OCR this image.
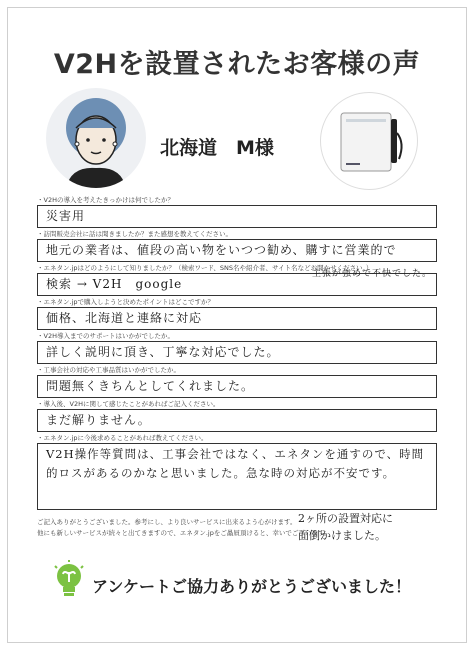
V2Hを設置されたお客様の声
北海道　M様
・V2Hの導入を考えたきっかけは何でしたか？
災害用
・訪問販売会社に話は聞きましたか？また感想を教えてください。
地元の業者は、値段の高い物をいつつ勧め、購すに営業的で
・エネタン.jpはどのようにして知りましたか？（検索ワード、SNS名や紹介者、サイト名などお聞かせください。）
検索 → V2H　google
主張が強めで不快でした。
・エネタン.jpで購入しようと決めたポイントはどこですか？
価格、北海道と連絡に対応
・V2H導入までのサポートはいかがでしたか。
詳しく説明に頂き、丁寧な対応でした。
・工事会社の対応や工事品質はいかがでしたか。
問題無くきちんとしてくれました。
・導入後、V2Hに関して感じたことがあればご記入ください。
まだ解りません。
・エネタン.jpに今後求めることがあれば教えてください。
V2H操作等質問は、工事会社ではなく、エネタンを通すので、時間的ロスがあるのかなと思いました。急な時の対応が不安です。
ご記入ありがとうございました。参考にし、より良いサービスに出来るよう心がけます。
他にも新しいサービスが続々と出てきますので、エネタン.jpをご贔屓頂けると、幸いでございます。
2ヶ所の設置対応に
面倒かけました。
アンケートご協力ありがとうございました！
